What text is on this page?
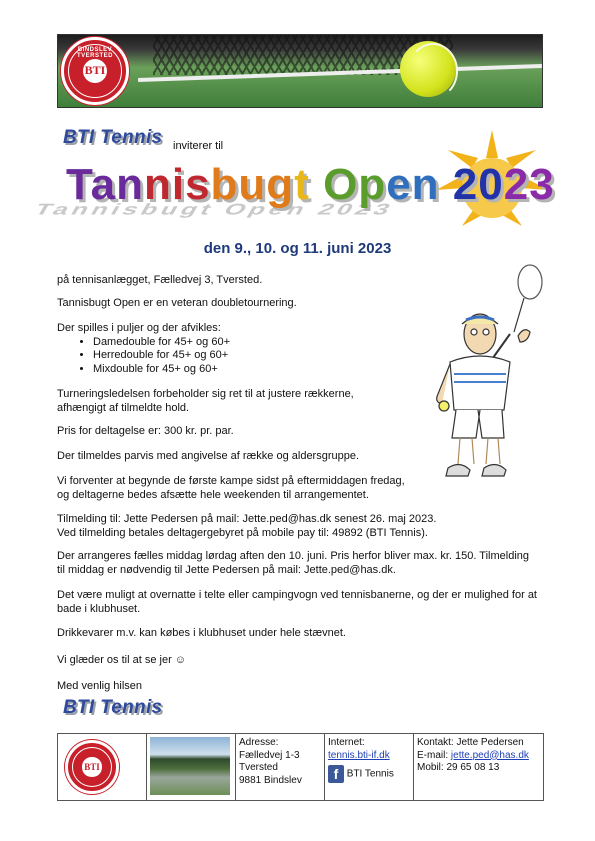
BINDSLEV TVERSTED
BTI
BTI Tennis inviterer til
Tannisbugt Open 2023
Tannisbugt Open 2023
den 9., 10. og 11. juni 2023
på tennisanlægget, Fælledvej 3, Tversted.
Tannisbugt Open er en veteran doubletournering.
Der spilles i puljer og der afvikles:
• Damedouble for 45+ og 60+
• Herredouble for 45+ og 60+
• Mixdouble for 45+ og 60+
Turneringsledelsen forbeholder sig ret til at justere rækkerne,
afhængigt af tilmeldte hold.
Pris for deltagelse er: 300 kr. pr. par.
Der tilmeldes parvis med angivelse af række og aldersgruppe.
Vi forventer at begynde de første kampe sidst på eftermiddagen fredag,
og deltagerne bedes afsætte hele weekenden til arrangementet.
Tilmelding til: Jette Pedersen på mail: Jette.ped@has.dk senest 26. maj 2023.
Ved tilmelding betales deltagergebyret på mobile pay til: 49892 (BTI Tennis).
Der arrangeres fælles middag lørdag aften den 10. juni. Pris herfor bliver max. kr. 150. Tilmelding
til middag er nødvendig til Jette Pedersen på mail: Jette.ped@has.dk.
Det være muligt at overnatte i telte eller campingvogn ved tennisbanerne, og der er mulighed for at
bade i klubhuset.
Drikkevarer m.v. kan købes i klubhuset under hele stævnet.
Vi glæder os til at se jer ☺
Med venlig hilsen
BTI Tennis
BTI
Adresse:
Fælledvej 1-3
Tversted
9881 Bindslev
Internet:
tennis.bti-if.dk
f BTI Tennis
Kontakt: Jette Pedersen
E-mail: jette.ped@has.dk
Mobil: 29 65 08 13
